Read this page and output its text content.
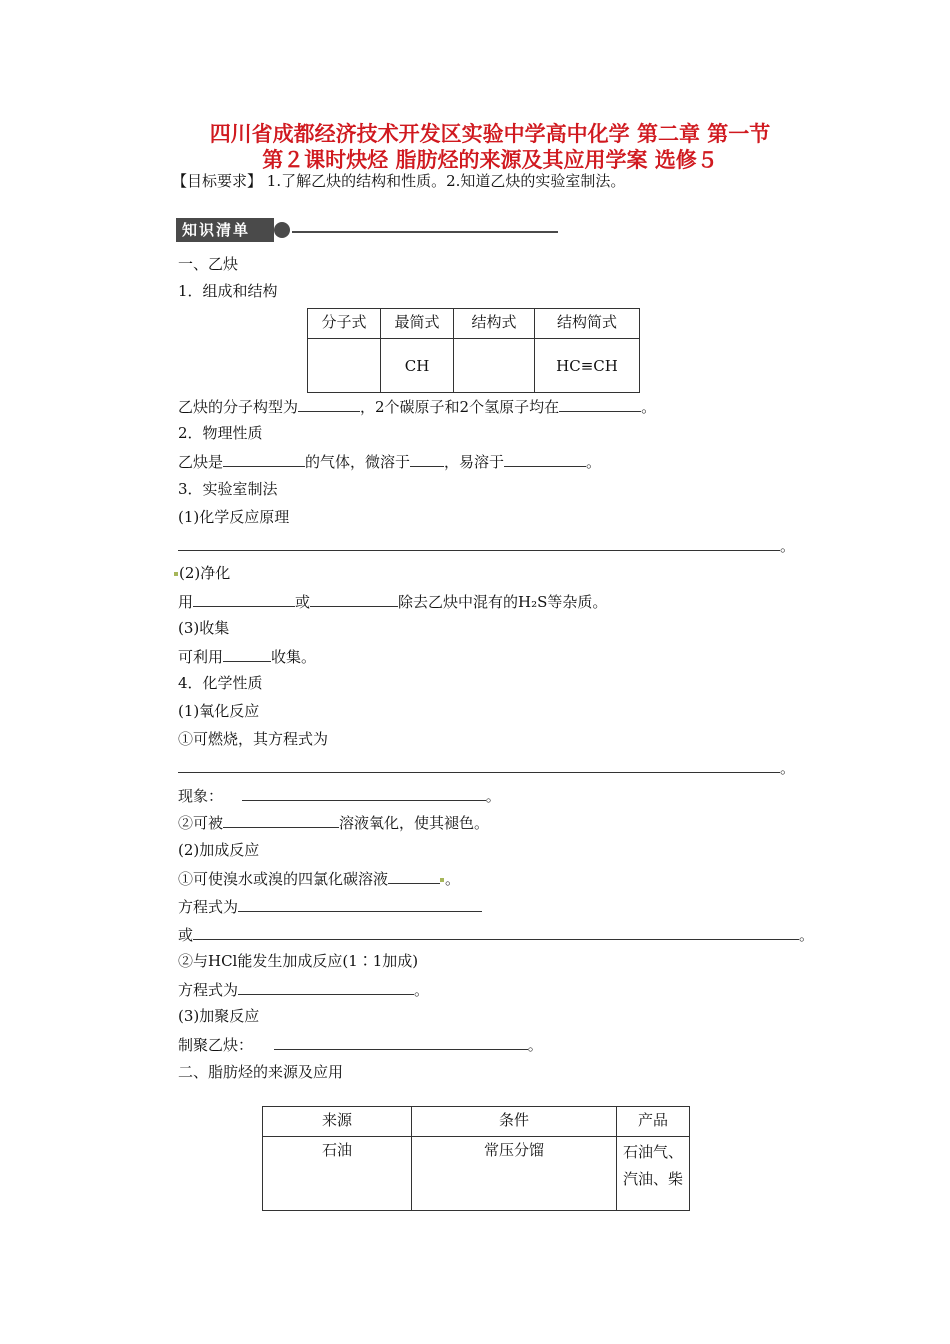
四川省成都经济技术开发区实验中学高中化学 第二章 第一节
第２课时炔烃 脂肪烃的来源及其应用学案 选修５
【目标要求】 1.了解乙炔的结构和性质。2.知道乙炔的实验室制法。
知识清单
一、乙炔
1．组成和结构
分子式	最简式	结构式	结构简式
	CH		HC≡CH
乙炔的分子构型为	，2个碳原子和2个氢原子均在	。
2．物理性质
乙炔是	的气体，微溶于 ，易溶于	。
3．实验室制法
(1)化学反应原理
。
(2)净化
用	或	除去乙炔中混有的H₂S等杂质。
(3)收集
可利用	收集。
4．化学性质
(1)氧化反应
①可燃烧，其方程式为
。
现象：	。
②可被	溶液氧化，使其褪色。
(2)加成反应
①可使溴水或溴的四氯化碳溶液	。
方程式为
或	。
②与HCl能发生加成反应(1∶1加成)
方程式为	。
(3)加聚反应
制聚乙炔：	。
二、脂肪烃的来源及应用
来源	条件	产品
石油	常压分馏	石油气、汽油、柴
